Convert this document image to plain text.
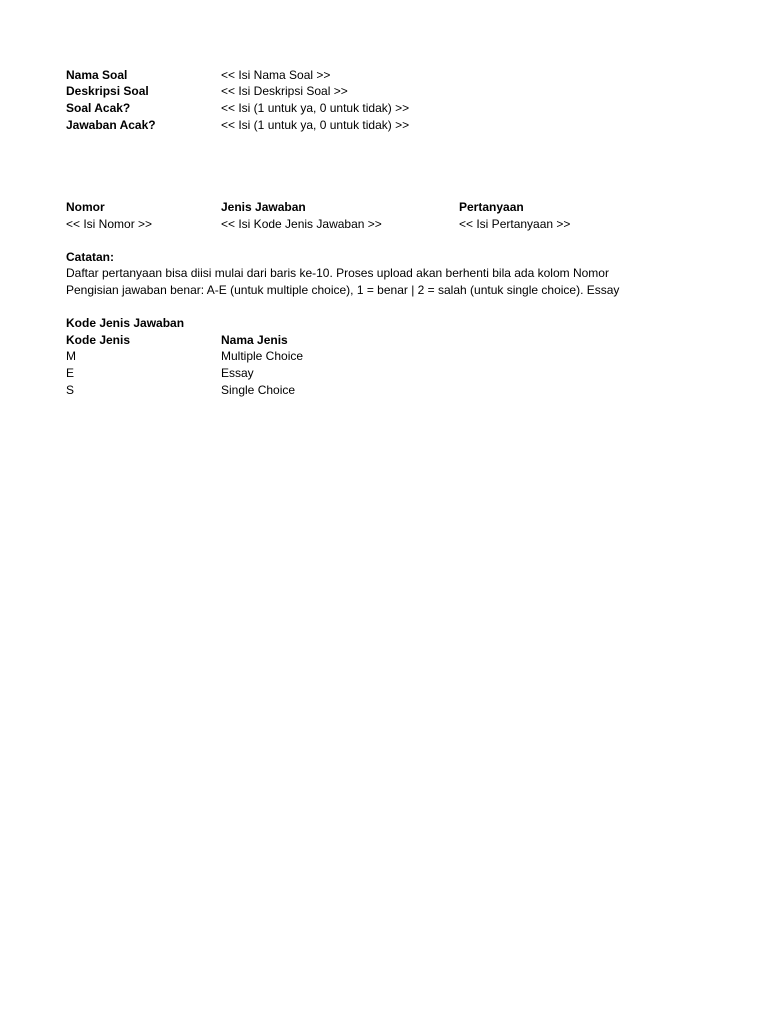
Nama Soal	<< Isi Nama Soal >>
Deskripsi Soal	<< Isi Deskripsi Soal >>
Soal Acak?	<< Isi (1 untuk ya, 0 untuk tidak) >>
Jawaban Acak?	<< Isi (1 untuk ya, 0 untuk tidak) >>
Nomor	Jenis Jawaban	Pertanyaan
<< Isi Nomor >>	<< Isi Kode Jenis Jawaban >>	<< Isi Pertanyaan >>
Catatan:
Daftar pertanyaan bisa diisi mulai dari baris ke-10. Proses upload akan berhenti bila ada kolom Nomor
Pengisian jawaban benar: A-E (untuk multiple choice), 1 = benar | 2 = salah (untuk single choice). Essay
Kode Jenis Jawaban
Kode Jenis	Nama Jenis
M	Multiple Choice
E	Essay
S	Single Choice
